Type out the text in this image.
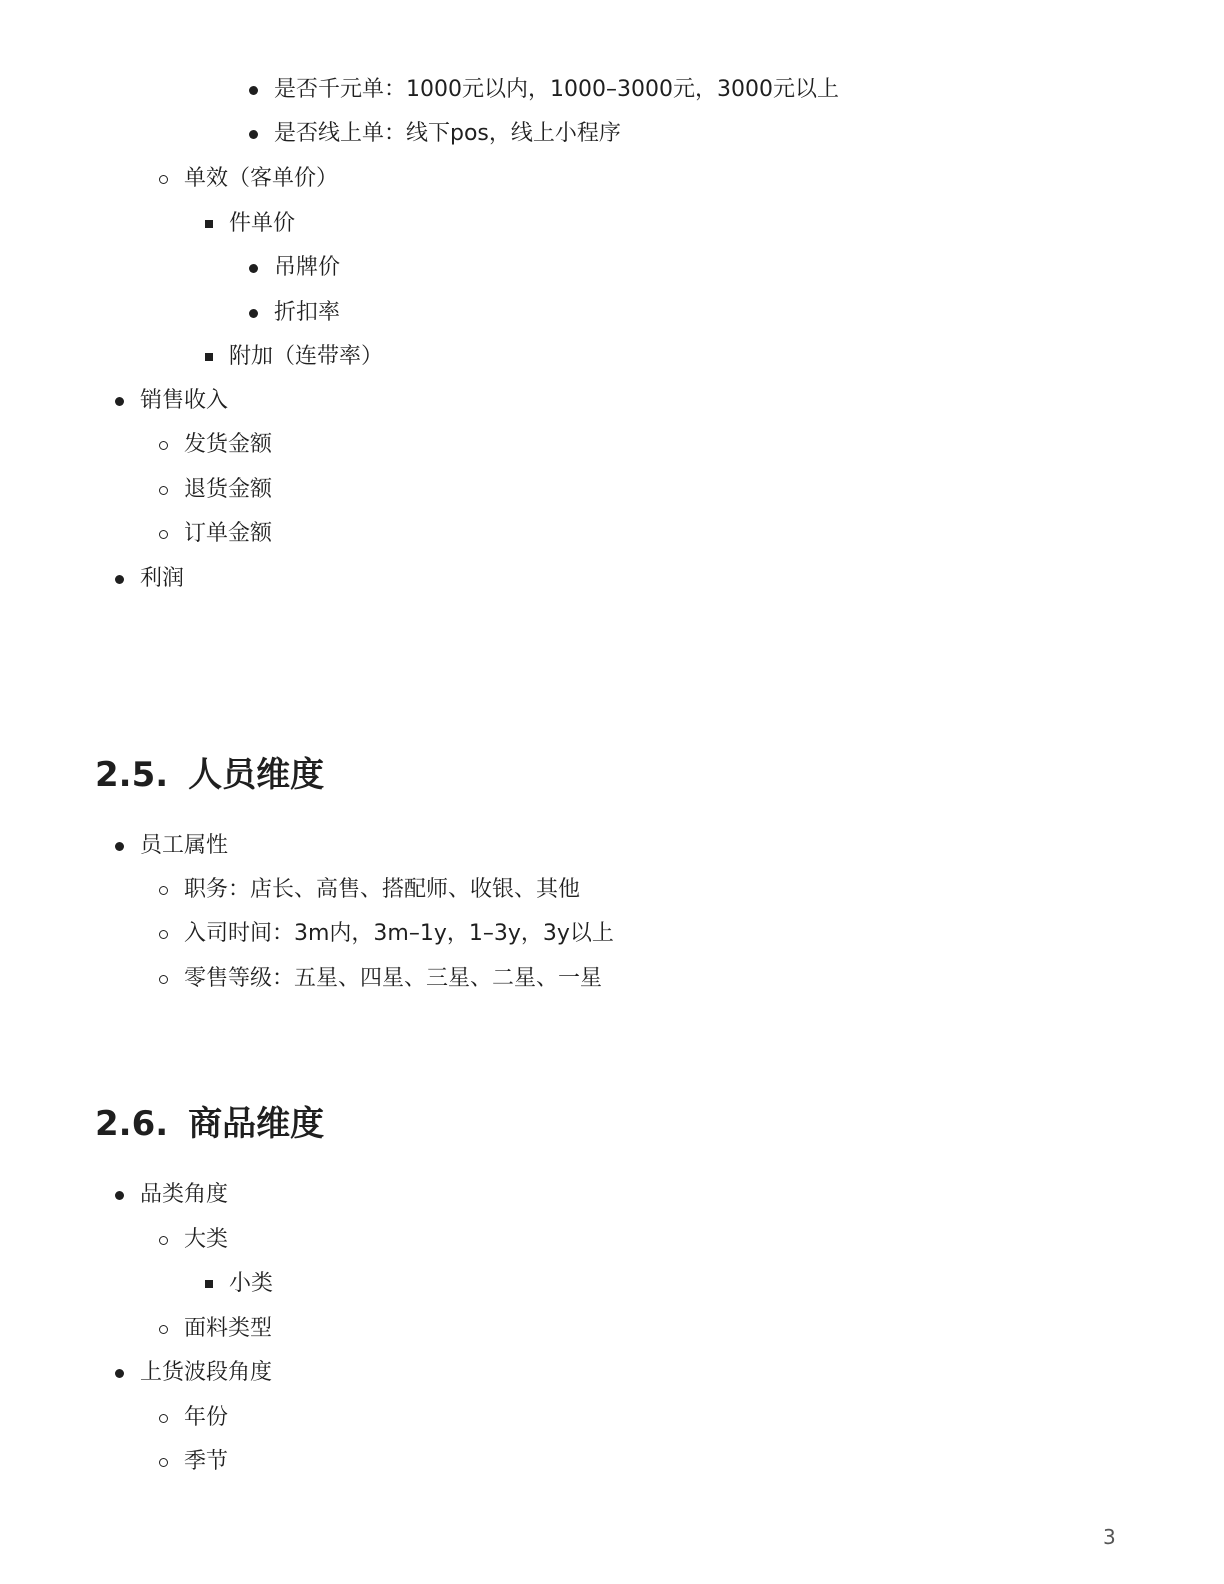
是否千元单：1000元以内，1000–3000元，3000元以上
是否线上单：线下pos，线上小程序
单效（客单价）
件单价
吊牌价
折扣率
附加（连带率）
销售收入
发货金额
退货金额
订单金额
利润
2.5. 人员维度
员工属性
职务：店长、高售、搭配师、收银、其他
入司时间：3m内，3m–1y，1–3y，3y以上
零售等级：五星、四星、三星、二星、一星
2.6. 商品维度
品类角度
大类
小类
面料类型
上货波段角度
年份
季节
3
